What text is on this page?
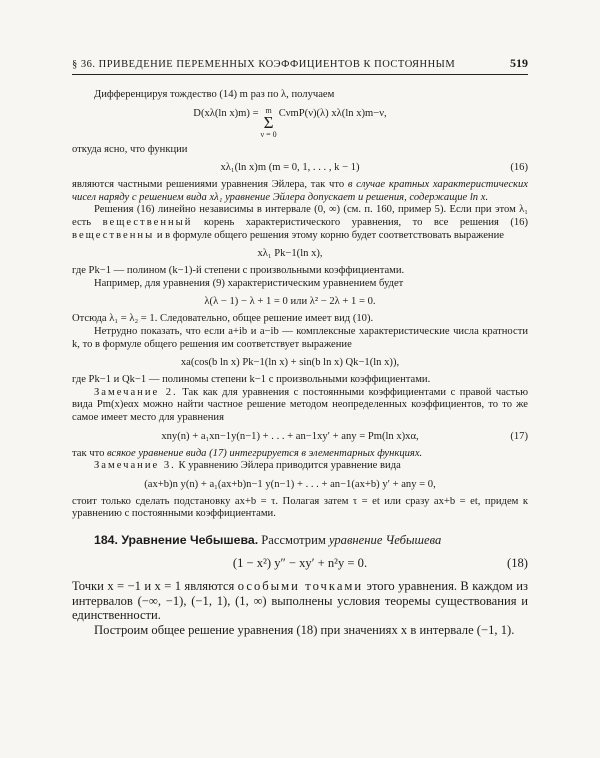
§ 36. ПРИВЕДЕНИЕ ПЕРЕМЕННЫХ КОЭФФИЦИЕНТОВ К ПОСТОЯННЫМ	519

Дифференцируя тождество (14) m раз по λ, получаем

D(xλ(ln x)m) = m
Σ
ν = 0
CνmP(ν)(λ) xλ(ln x)m−ν,

откуда ясно, что функции

xλ₁(ln x)m (m = 0, 1, . . . , k − 1)	(16)

являются частными решениями уравнения Эйлера, так что в случае кратных характеристических чисел наряду с решением вида xλ₁ уравнение Эйлера допускает и решения, содержащие ln x.

Решения (16) линейно независимы в интервале (0, ∞) (см. п. 160, пример 5). Если при этом λ₁ есть вещественный корень характеристического уравнения, то все решения (16) вещественны и в формуле общего решения этому корню будет соответствовать выражение

xλ₁ Pk−1(ln x),

где Pk−1 — полином (k−1)-й степени с произвольными коэффициентами.

Например, для уравнения (9) характеристическим уравнением будет

λ(λ − 1) − λ + 1 = 0 или λ² − 2λ + 1 = 0.

Отсюда λ₁ = λ₂ = 1. Следовательно, общее решение имеет вид (10).

Нетрудно показать, что если a+ib и a−ib — комплексные характеристические числа кратности k, то в формуле общего решения им соответствует выражение

xa(cos(b ln x) Pk−1(ln x) + sin(b ln x) Qk−1(ln x)),

где Pk−1 и Qk−1 — полиномы степени k−1 с произвольными коэффициентами.

Замечание 2. Так как для уравнения с постоянными коэффициентами с правой частью вида Pm(x)eαx можно найти частное решение методом неопределенных коэффициентов, то то же самое имеет место для уравнения

xny(n) + a₁xn−1y(n−1) + . . . + an−1xy′ + any = Pm(ln x)xα,	(17)

так что всякое уравнение вида (17) интегрируется в элементарных функциях.

Замечание 3. К уравнению Эйлера приводится уравнение вида

(ax+b)n y(n) + a₁(ax+b)n−1 y(n−1) + . . . + an−1(ax+b) y′ + any = 0,

стоит только сделать подстановку ax+b = τ. Полагая затем τ = et или сразу ax+b = et, придем к уравнению с постоянными коэффициентами.

184. Уравнение Чебышева. Рассмотрим уравнение Чебышева

(1 − x²) y″ − xy′ + n²y = 0.	(18)

Точки x = −1 и x = 1 являются особыми точками этого уравнения. В каждом из интервалов (−∞, −1), (−1, 1), (1, ∞) выполнены условия теоремы существования и единственности.

Построим общее решение уравнения (18) при значениях x в интервале (−1, 1).
